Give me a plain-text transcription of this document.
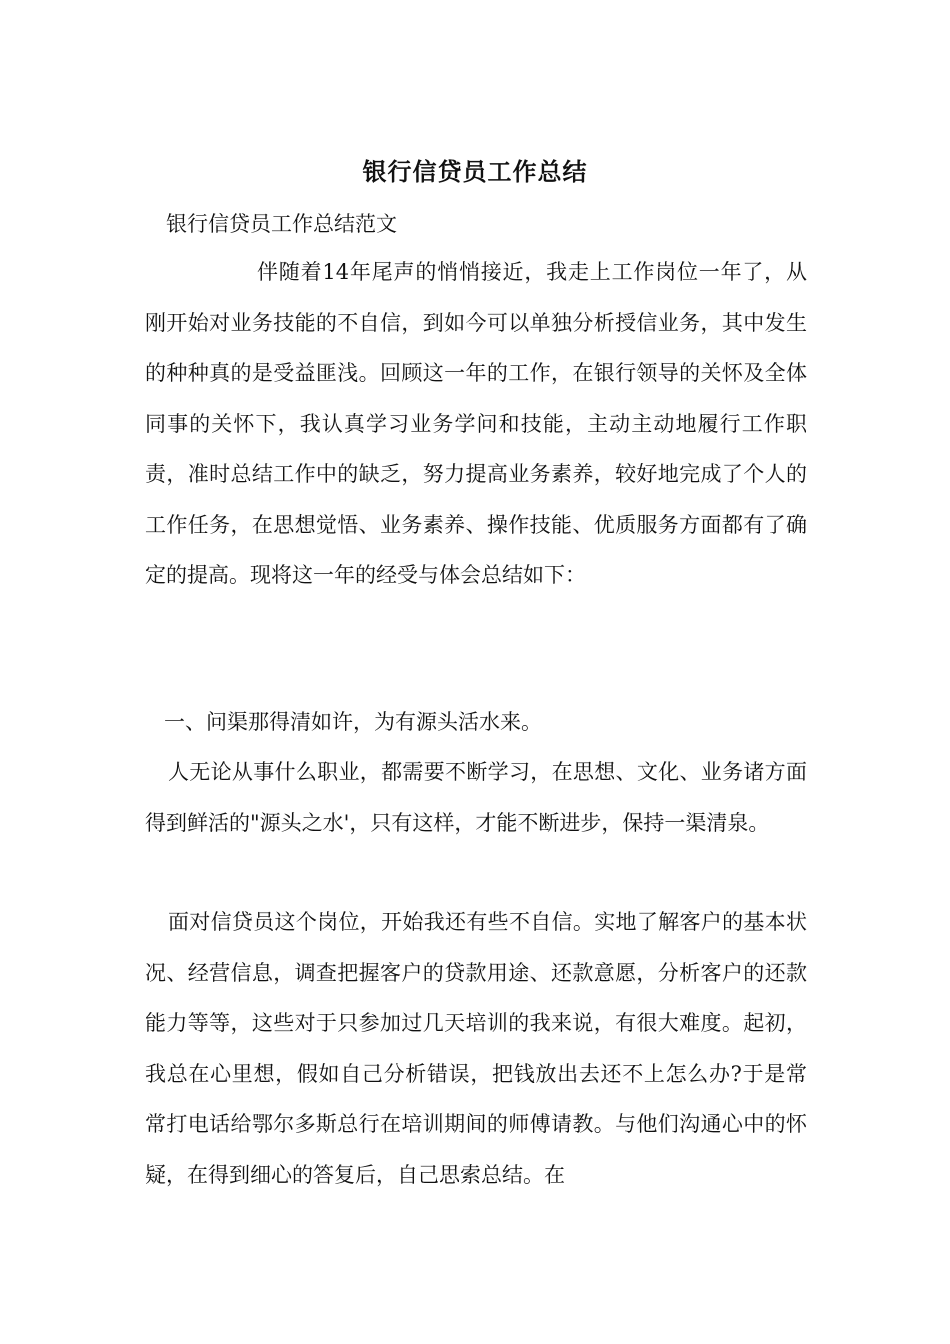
银行信贷员工作总结
银行信贷员工作总结范文

伴随着14年尾声的悄悄接近，我走上工作岗位一年了，从刚开始对业务技能的不自信，到如今可以单独分析授信业务，其中发生的种种真的是受益匪浅。回顾这一年的工作，在银行领导的关怀及全体同事的关怀下，我认真学习业务学问和技能，主动主动地履行工作职责，准时总结工作中的缺乏，努力提高业务素养，较好地完成了个人的工作任务，在思想觉悟、业务素养、操作技能、优质服务方面都有了确定的提高。现将这一年的经受与体会总结如下：

一、问渠那得清如许，为有源头活水来。

人无论从事什么职业，都需要不断学习，在思想、文化、业务诸方面得到鲜活的"源头之水'，只有这样，才能不断进步，保持一渠清泉。

面对信贷员这个岗位，开始我还有些不自信。实地了解客户的基本状况、经营信息，调查把握客户的贷款用途、还款意愿，分析客户的还款能力等等，这些对于只参加过几天培训的我来说，有很大难度。起初，我总在心里想，假如自己分析错误，把钱放出去还不上怎么办?于是常常打电话给鄂尔多斯总行在培训期间的师傅请教。与他们沟通心中的怀疑，在得到细心的答复后，自己思索总结。在
